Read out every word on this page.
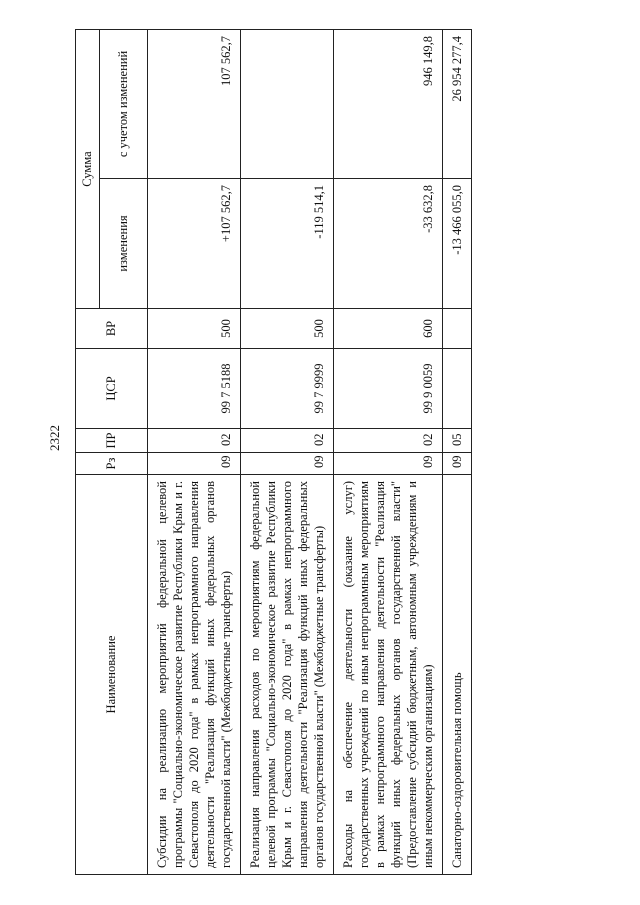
2322
Наименование	Рз	ПР	ЦСР	ВР	Сумма	
					изменения	с учетом изменений
Субсидии на реализацию мероприятий федеральной целевой программы "Социально-экономическое развитие Республики Крым и г. Севастополя до 2020 года" в рамках непрограммного направления деятельности "Реализация функций иных федеральных органов государственной власти" (Межбюджетные трансферты)	09	02	99 7 5188	500	+107 562,7	107 562,7
Реализация направления расходов по мероприятиям федеральной целевой программы "Социально-экономическое развитие Республики Крым и г. Севастополя до 2020 года" в рамках непрограммного направления деятельности "Реализация функций иных федеральных органов государственной власти" (Межбюджетные трансферты)	09	02	99 7 9999	500	-119 514,1	
Расходы на обеспечение деятельности (оказание услуг) государственных учреждений по иным непрограммным мероприятиям в рамках непрограммного направления деятельности "Реализация функций иных федеральных органов государственной власти" (Предоставление субсидий бюджетным, автономным учреждениям и иным некоммерческим организациям)	09	02	99 9 0059	600	-33 632,8	946 149,8
Санаторно-оздоровительная помощь	09	05			-13 466 055,0	26 954 277,4
